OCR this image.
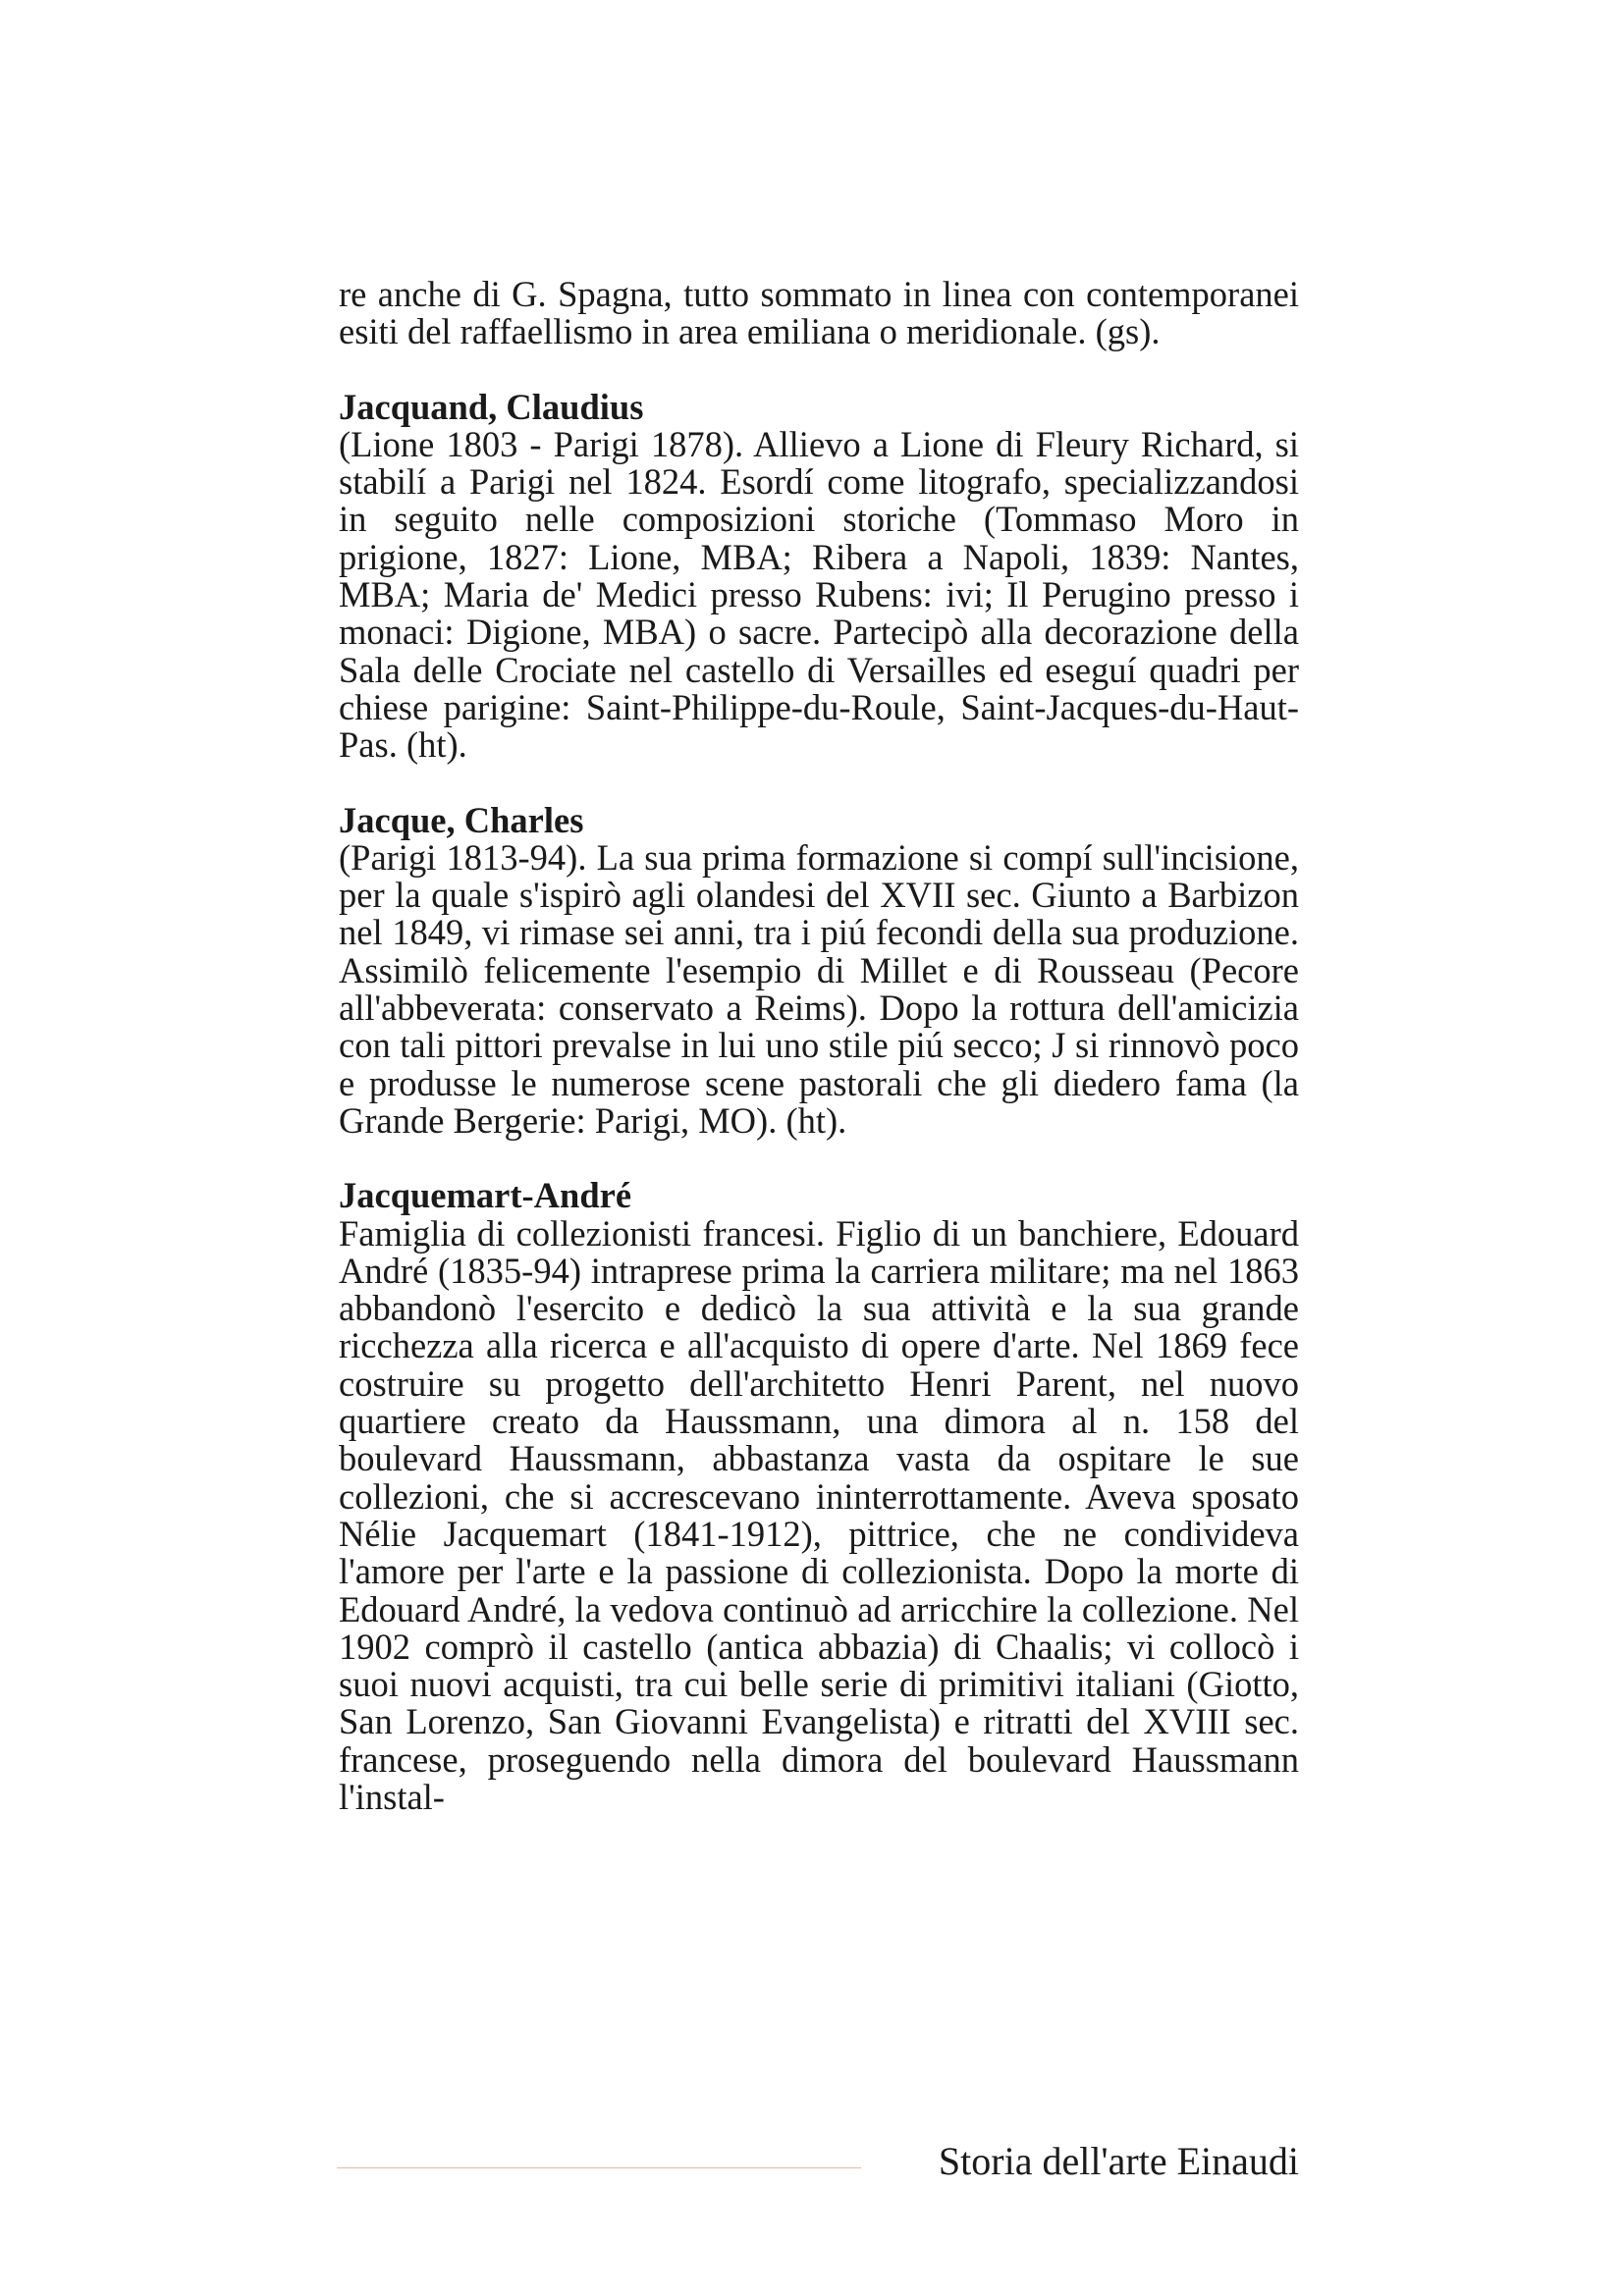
re anche di G. Spagna, tutto sommato in linea con contemporanei esiti del raffaellismo in area emiliana o meridionale. (gs).

Jacquand, Claudius

(Lione 1803 - Parigi 1878). Allievo a Lione di Fleury Richard, si stabilí a Parigi nel 1824. Esordí come litografo, specializzandosi in seguito nelle composizioni storiche (Tommaso Moro in prigione, 1827: Lione, MBA; Ribera a Napoli, 1839: Nantes, MBA; Maria de' Medici presso Rubens: ivi; Il Perugino presso i monaci: Digione, MBA) o sacre. Partecipò alla decorazione della Sala delle Crociate nel castello di Versailles ed eseguí quadri per chiese parigine: Saint-Philippe-du-Roule, Saint-Jacques-du-Haut-Pas. (ht).

Jacque, Charles

(Parigi 1813-94). La sua prima formazione si compí sull'incisione, per la quale s'ispirò agli olandesi del XVII sec. Giunto a Barbizon nel 1849, vi rimase sei anni, tra i piú fecondi della sua produzione. Assimilò felicemente l'esempio di Millet e di Rousseau (Pecore all'abbeverata: conservato a Reims). Dopo la rottura dell'amicizia con tali pittori prevalse in lui uno stile piú secco; J si rinnovò poco e produsse le numerose scene pastorali che gli diedero fama (la Grande Bergerie: Parigi, MO). (ht).

Jacquemart-André

Famiglia di collezionisti francesi. Figlio di un banchiere, Edouard André (1835-94) intraprese prima la carriera militare; ma nel 1863 abbandonò l'esercito e dedicò la sua attività e la sua grande ricchezza alla ricerca e all'acquisto di opere d'arte. Nel 1869 fece costruire su progetto dell'architetto Henri Parent, nel nuovo quartiere creato da Haussmann, una dimora al n. 158 del boulevard Haussmann, abbastanza vasta da ospitare le sue collezioni, che si accrescevano ininterrottamente. Aveva sposato Nélie Jacquemart (1841-1912), pittrice, che ne condivideva l'amore per l'arte e la passione di collezionista. Dopo la morte di Edouard André, la vedova continuò ad arricchire la collezione. Nel 1902 comprò il castello (antica abbazia) di Chaalis; vi collocò i suoi nuovi acquisti, tra cui belle serie di primitivi italiani (Giotto, San Lorenzo, San Giovanni Evangelista) e ritratti del XVIII sec. francese, proseguendo nella dimora del boulevard Haussmann l'instal-

Storia dell'arte Einaudi
